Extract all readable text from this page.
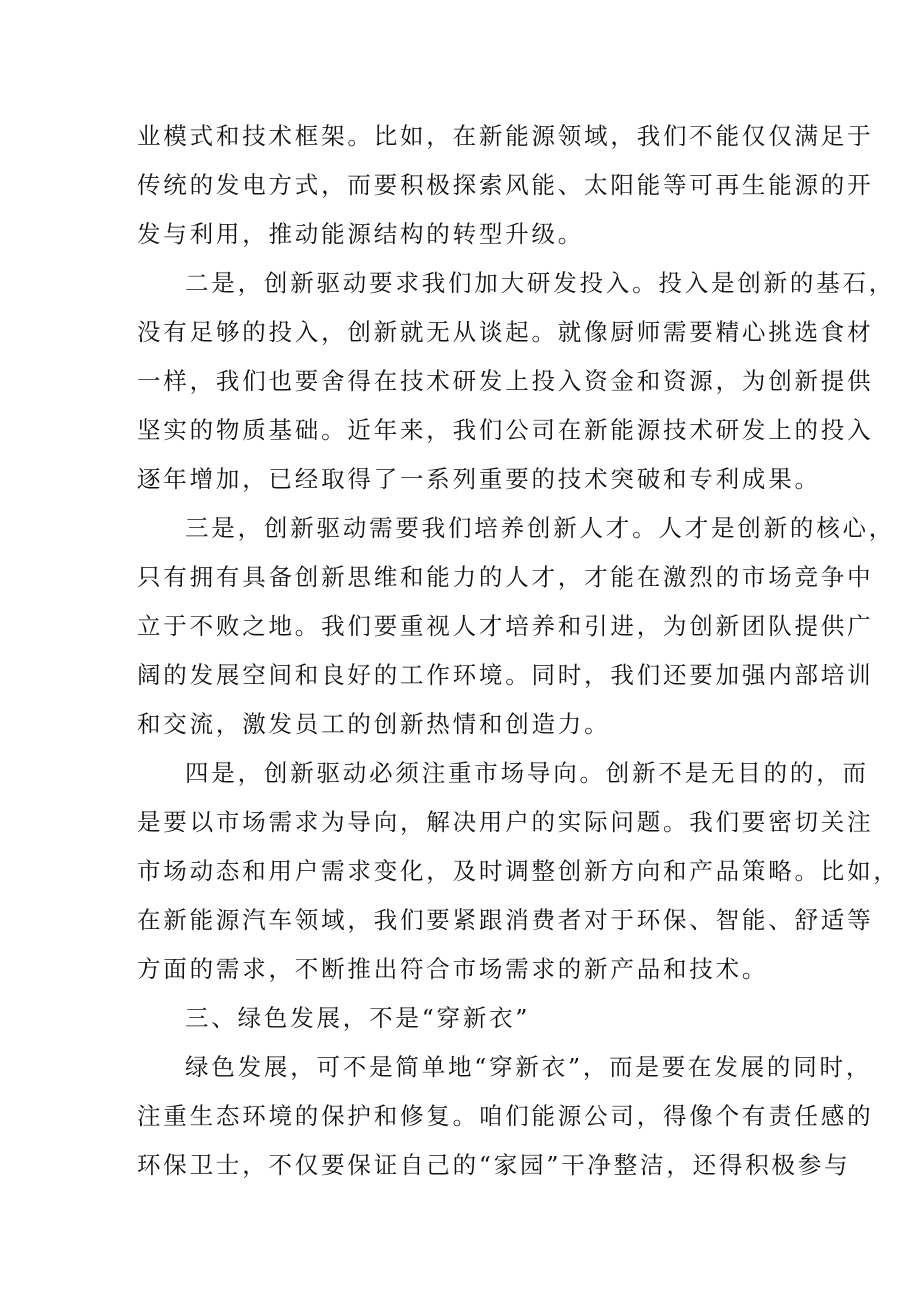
业模式和技术框架。比如，在新能源领域，我们不能仅仅满足于
传统的发电方式，而要积极探索风能、太阳能等可再生能源的开
发与利用，推动能源结构的转型升级。
二是，创新驱动要求我们加大研发投入。投入是创新的基石，
没有足够的投入，创新就无从谈起。就像厨师需要精心挑选食材
一样，我们也要舍得在技术研发上投入资金和资源，为创新提供
坚实的物质基础。近年来，我们公司在新能源技术研发上的投入
逐年增加，已经取得了一系列重要的技术突破和专利成果。
三是，创新驱动需要我们培养创新人才。人才是创新的核心，
只有拥有具备创新思维和能力的人才，才能在激烈的市场竞争中
立于不败之地。我们要重视人才培养和引进，为创新团队提供广
阔的发展空间和良好的工作环境。同时，我们还要加强内部培训
和交流，激发员工的创新热情和创造力。
四是，创新驱动必须注重市场导向。创新不是无目的的，而
是要以市场需求为导向，解决用户的实际问题。我们要密切关注
市场动态和用户需求变化，及时调整创新方向和产品策略。比如，
在新能源汽车领域，我们要紧跟消费者对于环保、智能、舒适等
方面的需求，不断推出符合市场需求的新产品和技术。
三、绿色发展，不是“穿新衣”
绿色发展，可不是简单地“穿新衣”，而是要在发展的同时，
注重生态环境的保护和修复。咱们能源公司，得像个有责任感的
环保卫士，不仅要保证自己的“家园”干净整洁，还得积极参与
